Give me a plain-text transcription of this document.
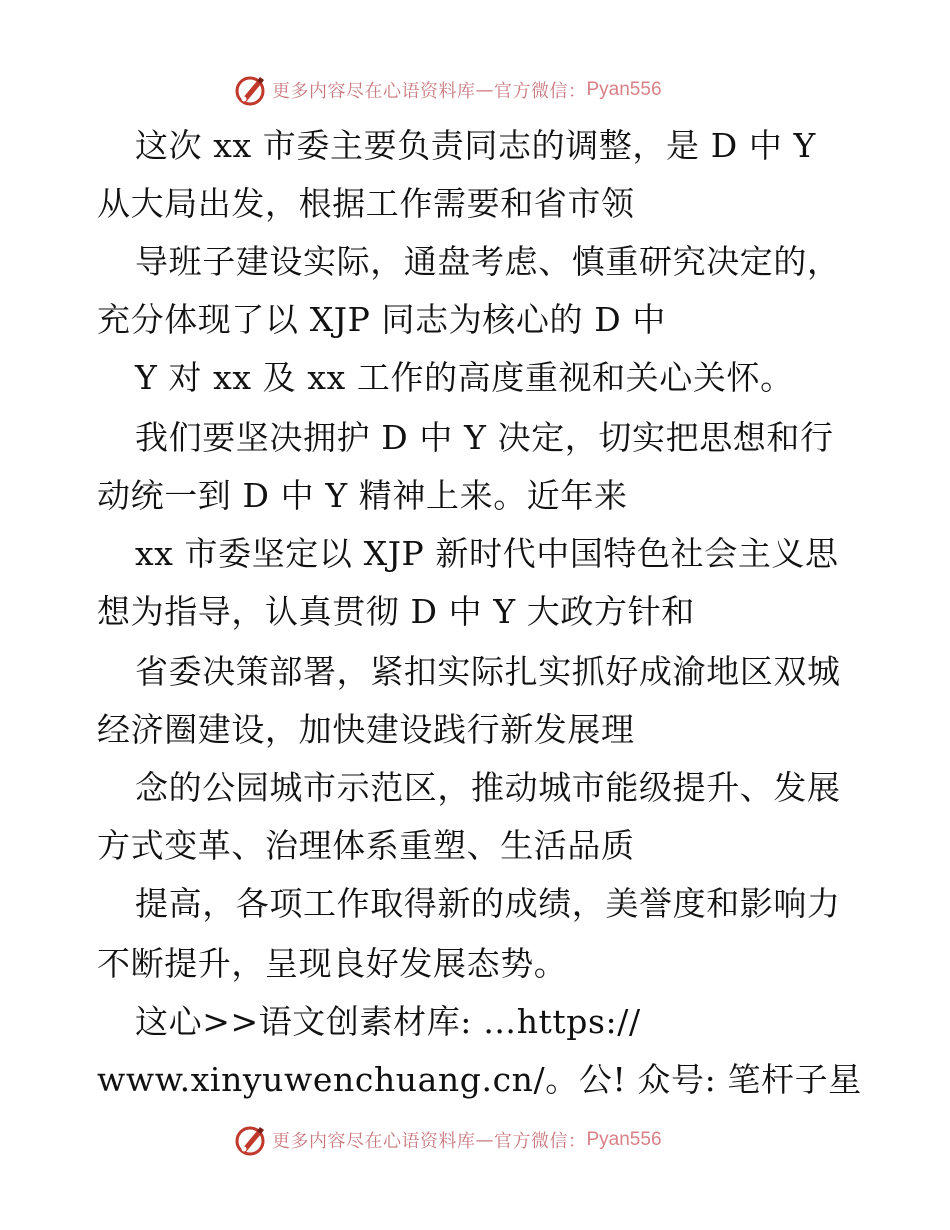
更多内容尽在心语资料库 — 官方微信： Pyan556
这次 xx 市委主要负责同志的调整，是 D 中 Y
从大局出发，根据工作需要和省市领
导班子建设实际，通盘考虑、慎重研究决定的，
充分体现了以 XJP 同志为核心的 D 中
Y 对 xx 及 xx 工作的高度重视和关心关怀。
我们要坚决拥护 D 中 Y 决定，切实把思想和行
动统一到 D 中 Y 精神上来。近年来
xx 市委坚定以 XJP 新时代中国特色社会主义思
想为指导，认真贯彻 D 中 Y 大政方针和
省委决策部署，紧扣实际扎实抓好成渝地区双城
经济圈建设，加快建设践行新发展理
念的公园城市示范区，推动城市能级提升、发展
方式变革、治理体系重塑、生活品质
提高，各项工作取得新的成绩，美誉度和影响力
不断提升，呈现良好发展态势。
这心>>语文创素材库: …https://
www.xinyuwenchuang.cn/。公! 众号: 笔杆子星
更多内容尽在心语资料库 — 官方微信： Pyan556
